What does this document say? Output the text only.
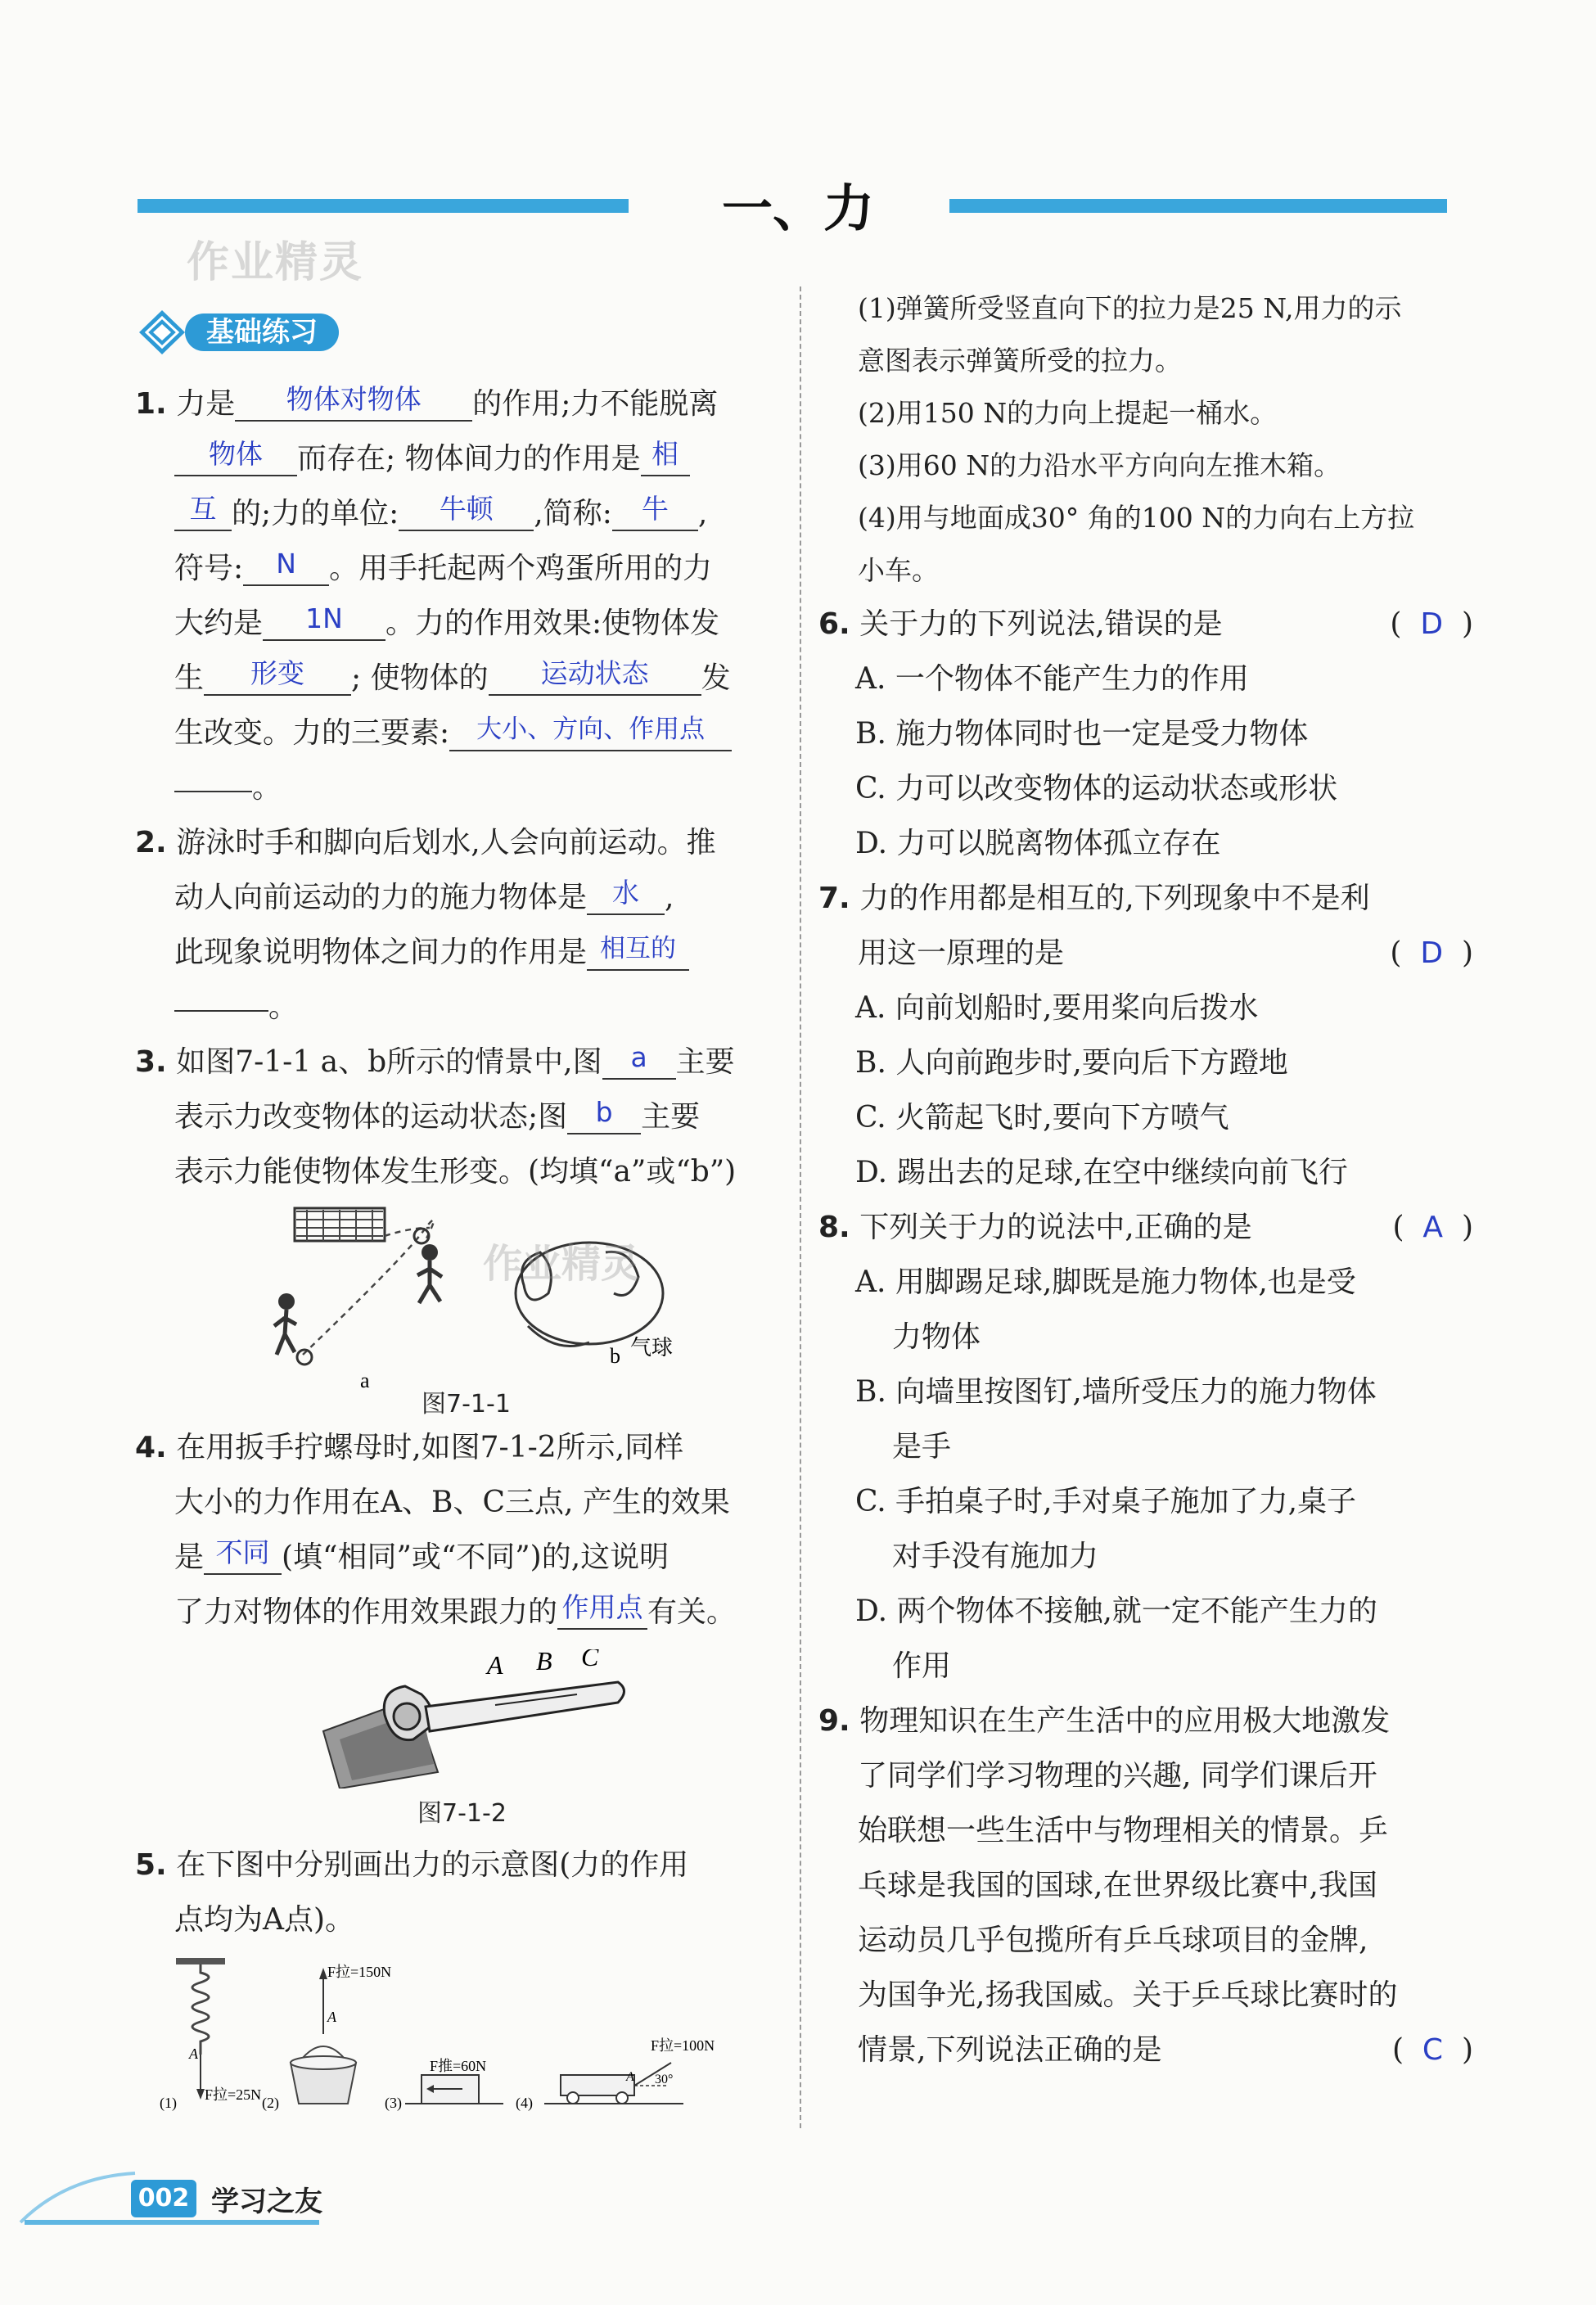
一、力
作业精灵
基础练习
1. 力是 物体对物体 的作用;力不能脱离
物体 而存在; 物体间力的作用是 相
互 的;力的单位: 牛顿 ,简称: 牛 ,
符号: N 。用手托起两个鸡蛋所用的力
大约是 1N 。力的作用效果:使物体发
生 形变 ; 使物体的 运动状态 发
生改变。力的三要素: 大小、方向、作用点
。
2. 游泳时手和脚向后划水,人会向前运动。推
动人向前运动的力的施力物体是 水 ,
此现象说明物体之间力的作用是 相互的
。
3. 如图7-1-1 a、b所示的情景中,图 a 主要
表示力改变物体的运动状态;图 b 主要
表示力能使物体发生形变。(均填“a”或“b”)
a
作业精灵
b 气球
图7-1-1
4. 在用扳手拧螺母时,如图7-1-2所示,同样
大小的力作用在A、B、C三点, 产生的效果
是 不同 (填“相同”或“不同”)的,这说明
了力对物体的作用效果跟力的 作用点 有关。
A B C
图7-1-2
5. 在下图中分别画出力的示意图(力的作用
点均为A点)。
A
F拉=25N
(1)
F拉=150N
A
(2)
F推=60N
(3)
F拉=100N
30°
A
(4)
(1)弹簧所受竖直向下的拉力是25 N,用力的示
意图表示弹簧所受的拉力。
(2)用150 N的力向上提起一桶水。
(3)用60 N的力沿水平方向向左推木箱。
(4)用与地面成30° 角的100 N的力向右上方拉
小车。
6. 关于力的下列说法,错误的是	(  D  )
A. 一个物体不能产生力的作用
B. 施力物体同时也一定是受力物体
C. 力可以改变物体的运动状态或形状
D. 力可以脱离物体孤立存在
7. 力的作用都是相互的,下列现象中不是利
用这一原理的是	(  D  )
A. 向前划船时,要用桨向后拨水
B. 人向前跑步时,要向后下方蹬地
C. 火箭起飞时,要向下方喷气
D. 踢出去的足球,在空中继续向前飞行
8. 下列关于力的说法中,正确的是	(  A  )
A. 用脚踢足球,脚既是施力物体,也是受
力物体
B. 向墙里按图钉,墙所受压力的施力物体
是手
C. 手拍桌子时,手对桌子施加了力,桌子
对手没有施加力
D. 两个物体不接触,就一定不能产生力的
作用
9. 物理知识在生产生活中的应用极大地激发
了同学们学习物理的兴趣, 同学们课后开
始联想一些生活中与物理相关的情景。乒
乓球是我国的国球,在世界级比赛中,我国
运动员几乎包揽所有乒乓球项目的金牌,
为国争光,扬我国威。关于乒乓球比赛时的
情景,下列说法正确的是	(  C  )
002 学习之友
